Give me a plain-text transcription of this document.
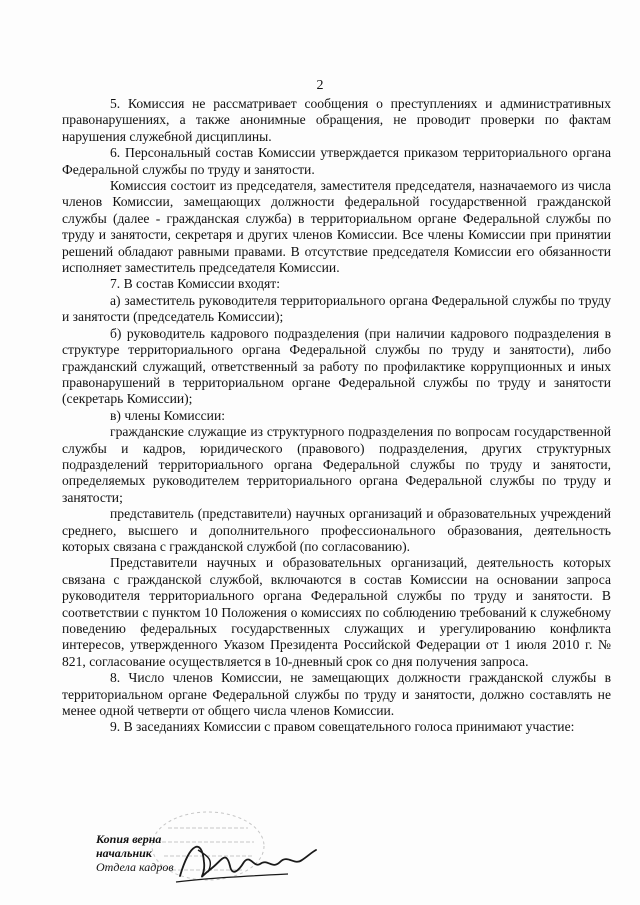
2

5. Комиссия не рассматривает сообщения о преступлениях и административных правонарушениях, а также анонимные обращения, не проводит проверки по фактам нарушения служебной дисциплины.

6. Персональный состав Комиссии утверждается приказом территориального органа Федеральной службы по труду и занятости.

Комиссия состоит из председателя, заместителя председателя, назначаемого из числа членов Комиссии, замещающих должности федеральной государственной гражданской службы (далее - гражданская служба) в территориальном органе Федеральной службы по труду и занятости, секретаря и других членов Комиссии. Все члены Комиссии при принятии решений обладают равными правами. В отсутствие председателя Комиссии его обязанности исполняет заместитель председателя Комиссии.

7. В состав Комиссии входят:

а) заместитель руководителя территориального органа Федеральной службы по труду и занятости (председатель Комиссии);

б) руководитель кадрового подразделения (при наличии кадрового подразделения в структуре территориального органа Федеральной службы по труду и занятости), либо гражданский служащий, ответственный за работу по профилактике коррупционных и иных правонарушений в территориальном органе Федеральной службы по труду и занятости (секретарь Комиссии);

в) члены Комиссии:

гражданские служащие из структурного подразделения по вопросам государственной службы и кадров, юридического (правового) подразделения, других структурных подразделений территориального органа Федеральной службы по труду и занятости, определяемых руководителем территориального органа Федеральной службы по труду и занятости;

представитель (представители) научных организаций и образовательных учреждений среднего, высшего и дополнительного профессионального образования, деятельность которых связана с гражданской службой (по согласованию).

Представители научных и образовательных организаций, деятельность которых связана с гражданской службой, включаются в состав Комиссии на основании запроса руководителя территориального органа Федеральной службы по труду и занятости. В соответствии с пунктом 10 Положения о комиссиях по соблюдению требований к служебному поведению федеральных государственных служащих и урегулированию конфликта интересов, утвержденного Указом Президента Российской Федерации от 1 июля 2010 г. № 821, согласование осуществляется в 10-дневный срок со дня получения запроса.

8. Число членов Комиссии, не замещающих должности гражданской службы в территориальном органе Федеральной службы по труду и занятости, должно составлять не менее одной четверти от общего числа членов Комиссии.

9. В заседаниях Комиссии с правом совещательного голоса принимают участие:

Копия верна
начальник
Отдела кадров
